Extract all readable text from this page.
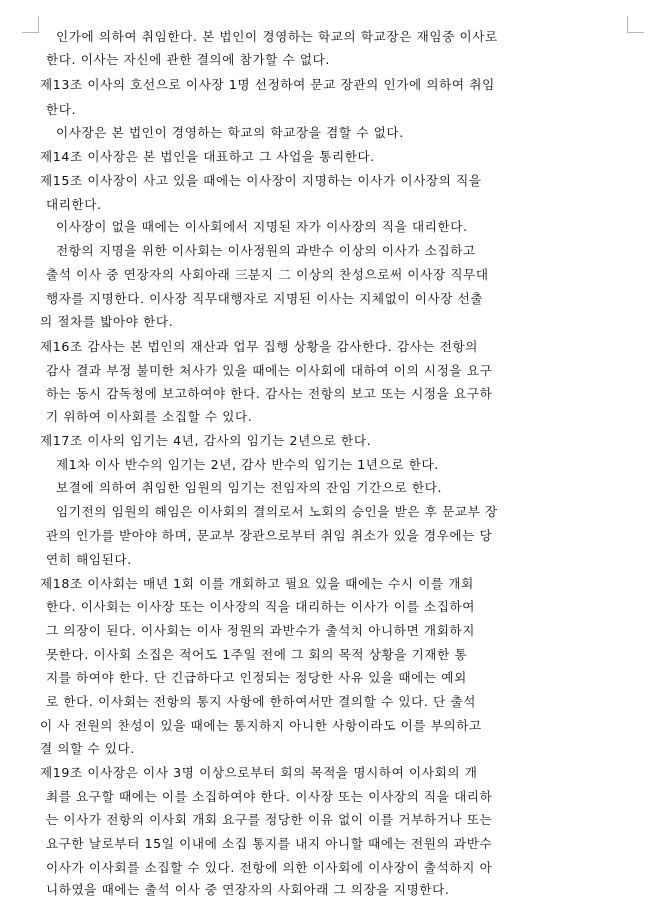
인가에 의하여 취임한다. 본 법인이 경영하는 학교의 학교장은 재임중 이사로
한다. 이사는 자신에 관한 결의에 참가할 수 없다.
제13조 이사의 호선으로 이사장 1명 선정하여 문교 장관의 인가에 의하여 취임
한다.
이사장은 본 법인이 경영하는 학교의 학교장을 겸할 수 없다.
제14조 이사장은 본 법인을 대표하고 그 사업을 통리한다.
제15조 이사장이 사고 있을 때에는 이사장이 지명하는 이사가 이사장의 직을
대리한다.
이사장이 없을 때에는 이사회에서 지명된 자가 이사장의 직을 대리한다.
전항의 지명을 위한 이사회는 이사정원의 과반수 이상의 이사가 소집하고
출석 이사 중 연장자의 사회아래 三분지 二 이상의 찬성으로써 이사장 직무대
행자를 지명한다. 이사장 직무대행자로 지명된 이사는 지체없이 이사장 선출
의 절차를 밟아야 한다.
제16조 감사는 본 법인의 재산과 업무 집행 상황을 감사한다. 감사는 전항의
감사 결과 부정 불미한 처사가 있을 때에는 이사회에 대하여 이의 시정을 요구
하는 동시 감독청에 보고하여야 한다. 감사는 전항의 보고 또는 시정을 요구하
기 위하여 이사회를 소집할 수 있다.
제17조 이사의 임기는 4년, 감사의 임기는 2년으로 한다.
제1차 이사 반수의 임기는 2년, 감사 반수의 임기는 1년으로 한다.
보결에 의하여 취임한 임원의 임기는 전임자의 잔임 기간으로 한다.
임기전의 임원의 해임은 이사회의 결의로서 노회의 승인을 받은 후 문교부 장
관의 인가를 받아야 하며, 문교부 장관으로부터 취임 취소가 있을 경우에는 당
연히 해임된다.
제18조 이사회는 매년 1회 이를 개회하고 필요 있을 때에는 수시 이를 개회
한다. 이사회는 이사장 또는 이사장의 직을 대리하는 이사가 이를 소집하여
그 의장이 된다. 이사회는 이사 정원의 과반수가 출석치 아니하면 개회하지
못한다. 이사회 소집은 적어도 1주일 전에 그 회의 목적 상황을 기재한 통
지를 하여야 한다. 단 긴급하다고 인정되는 정당한 사유 있을 때에는 예외
로 한다. 이사회는 전항의 통지 사항에 한하여서만 결의할 수 있다. 단 출석
이 사 전원의 찬성이 있을 때에는 통지하지 아니한 사항이라도 이를 부의하고
결 의할 수 있다.
제19조 이사장은 이사 3명 이상으로부터 회의 목적을 명시하여 이사회의 개
최를 요구할 때에는 이를 소집하여야 한다. 이사장 또는 이사장의 직을 대리하
는 이사가 전항의 이사회 개회 요구를 정당한 이유 없이 이를 거부하거나 또는
요구한 날로부터 15일 이내에 소집 통지를 내지 아니할 때에는 전원의 과반수
이사가 이사회를 소집할 수 있다. 전항에 의한 이사회에 이사장이 출석하지 아
니하였을 때에는 출석 이사 중 연장자의 사회아래 그 의장을 지명한다.
